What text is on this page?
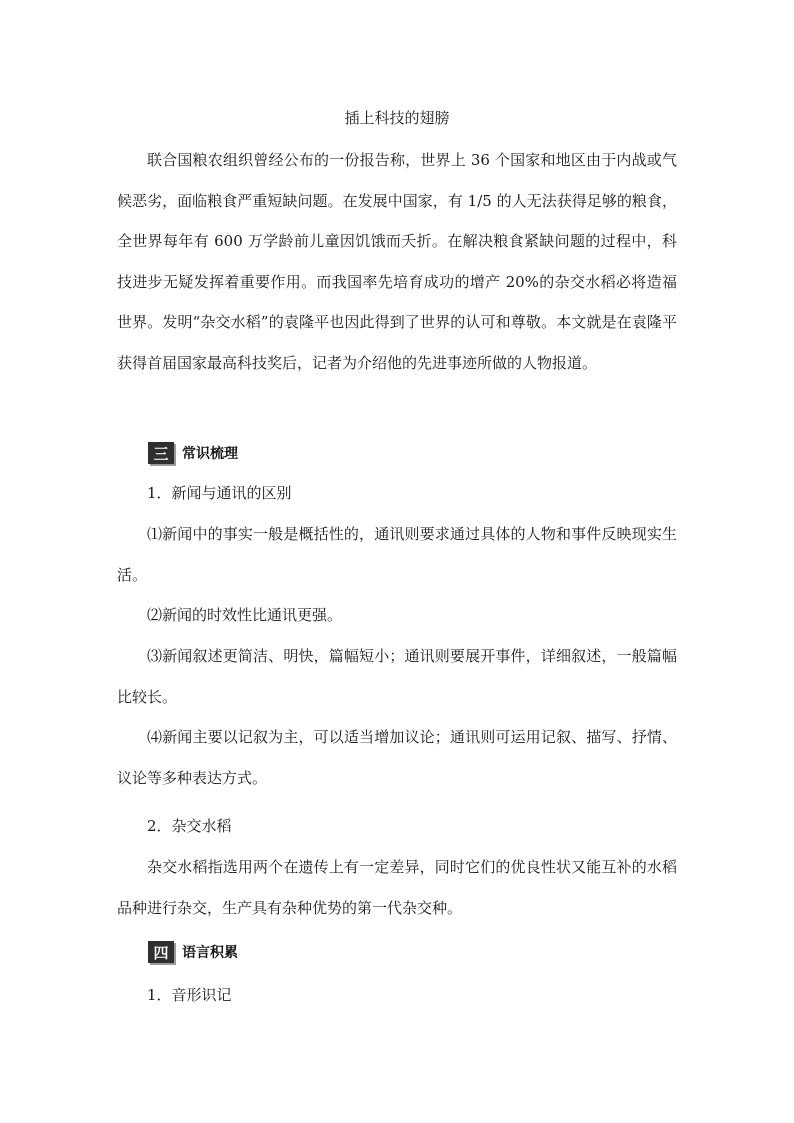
插上科技的翅膀

联合国粮农组织曾经公布的一份报告称，世界上 36 个国家和地区由于内战或气候恶劣，面临粮食严重短缺问题。在发展中国家，有 1/5 的人无法获得足够的粮食，全世界每年有 600 万学龄前儿童因饥饿而夭折。在解决粮食紧缺问题的过程中，科技进步无疑发挥着重要作用。而我国率先培育成功的增产 20%的杂交水稻必将造福世界。发明“杂交水稻”的袁隆平也因此得到了世界的认可和尊敬。本文就是在袁隆平获得首届国家最高科技奖后，记者为介绍他的先进事迹所做的人物报道。

三 常识梳理

1．新闻与通讯的区别

⑴新闻中的事实一般是概括性的，通讯则要求通过具体的人物和事件反映现实生活。

⑵新闻的时效性比通讯更强。

⑶新闻叙述更简洁、明快，篇幅短小；通讯则要展开事件，详细叙述，一般篇幅比较长。

⑷新闻主要以记叙为主，可以适当增加议论；通讯则可运用记叙、描写、抒情、议论等多种表达方式。

2．杂交水稻

杂交水稻指选用两个在遗传上有一定差异，同时它们的优良性状又能互补的水稻品种进行杂交，生产具有杂种优势的第一代杂交种。

四 语言积累

1．音形识记
